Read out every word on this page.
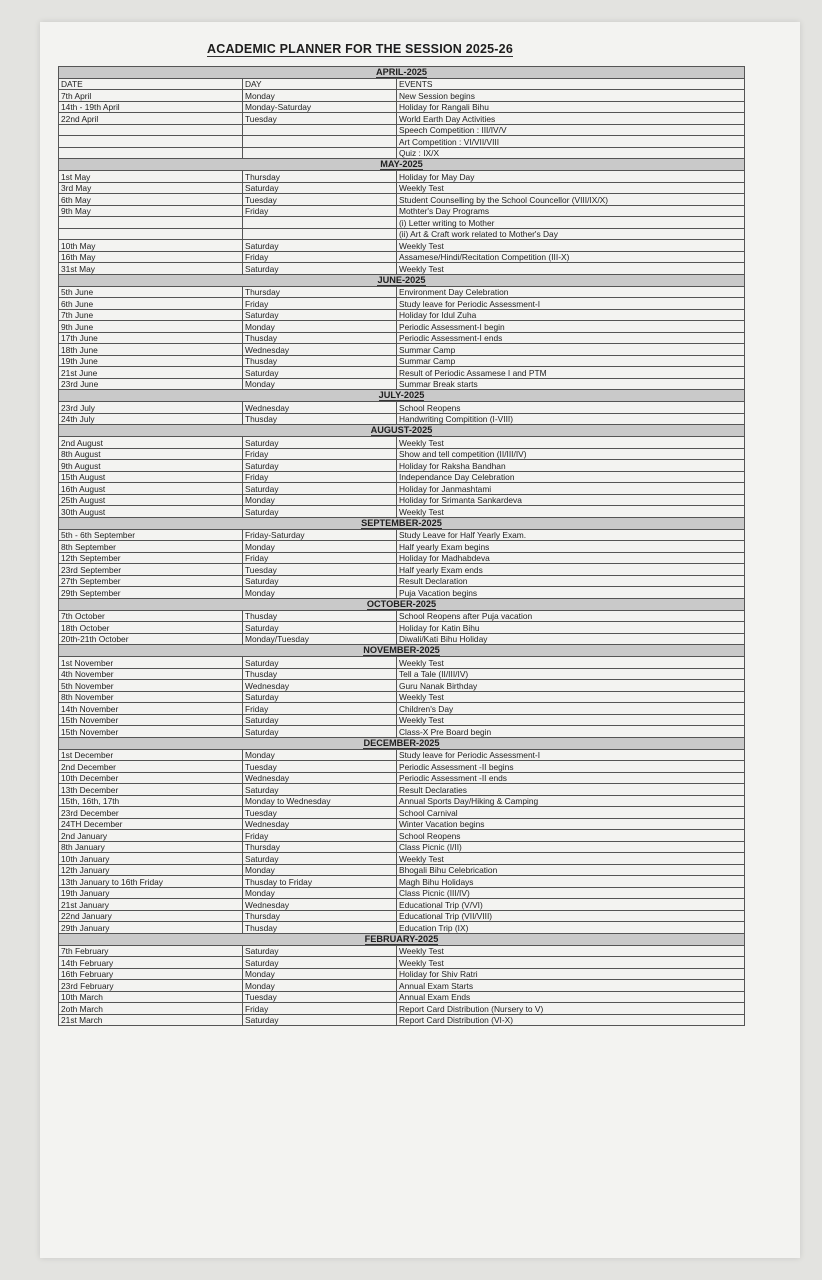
ACADEMIC PLANNER FOR THE SESSION 2025-26
APRIL-2025		
DATE	DAY	EVENTS
7th April	Monday	New Session begins
14th - 19th April	Monday-Saturday	Holiday for Rangali Bihu
22nd April	Tuesday	World Earth Day Activities
		Speech Competition : III/IV/V
		Art Competition : VI/VII/VIII
		Quiz : IX/X
MAY-2025		
1st May	Thursday	Holiday for May Day
3rd May	Saturday	Weekly Test
6th May	Tuesday	Student Counselling by the School Councellor (VIII/IX/X)
9th May	Friday	Mothter's Day Programs
		(i) Letter writing to Mother
		(ii) Art & Craft work related to Mother's Day
10th May	Saturday	Weekly Test
16th May	Friday	Assamese/Hindi/Recitation Competition (III-X)
31st May	Saturday	Weekly Test
JUNE-2025		
5th June	Thursday	Environment Day Celebration
6th June	Friday	Study leave for Periodic Assessment-I
7th June	Saturday	Holiday for Idul Zuha
9th June	Monday	Periodic Assessment-I begin
17th June	Thusday	Periodic Assessment-I ends
18th June	Wednesday	Summar Camp
19th June	Thusday	Summar Camp
21st June	Saturday	Result of Periodic Assamese I and PTM
23rd June	Monday	Summar Break starts
JULY-2025		
23rd July	Wednesday	School Reopens
24th July	Thusday	Handwriting Compitition (I-VIII)
AUGUST-2025		
2nd August	Saturday	Weekly Test
8th August	Friday	Show and tell competition (II/III/IV)
9th August	Saturday	Holiday for Raksha Bandhan
15th August	Friday	Independance Day Celebration
16th August	Saturday	Holiday for Janmashtami
25th August	Monday	Holiday for Srimanta Sankardeva
30th August	Saturday	Weekly Test
SEPTEMBER-2025		
5th - 6th September	Friday-Saturday	Study Leave for Half Yearly Exam.
8th September	Monday	Half yearly Exam begins
12th September	Friday	Holiday for Madhabdeva
23rd September	Tuesday	Half yearly Exam ends
27th September	Saturday	Result Declaration
29th September	Monday	Puja Vacation begins
OCTOBER-2025		
7th October	Thusday	School Reopens after Puja vacation
18th October	Saturday	Holiday for Katin Bihu
20th-21th October	Monday/Tuesday	Diwali/Kati Bihu Holiday
NOVEMBER-2025		
1st November	Saturday	Weekly Test
4th November	Thusday	Tell a Tale (II/III/IV)
5th November	Wednesday	Guru Nanak Birthday
8th November	Saturday	Weekly Test
14th November	Friday	Children's Day
15th November	Saturday	Weekly Test
15th November	Saturday	Class-X Pre Board begin
DECEMBER-2025		
1st December	Monday	Study leave for Periodic Assessment-I
2nd December	Tuesday	Periodic Assessment -II begins
10th December	Wednesday	Periodic Assessment -II ends
13th December	Saturday	Result Declaraties
15th, 16th, 17th	Monday to Wednesday	Annual Sports Day/Hiking & Camping
23rd December	Tuesday	School Carnival
24TH December	Wednesday	Winter Vacation begins
2nd January	Friday	School Reopens
8th January	Thursday	Class Picnic (I/II)
10th January	Saturday	Weekly Test
12th January	Monday	Bhogali Bihu Celebrication
13th January to 16th Friday	Thusday to Friday	Magh Bihu Holidays
19th January	Monday	Class Picnic (III/IV)
21st January	Wednesday	Educational Trip (V/VI)
22nd January	Thursday	Educational Trip (VII/VIII)
29th January	Thusday	Education Trip (IX)
FEBRUARY-2025		
7th February	Saturday	Weekly Test
14th February	Saturday	Weekly Test
16th February	Monday	Holiday for Shiv Ratri
23rd February	Monday	Annual Exam Starts
10th March	Tuesday	Annual Exam Ends
2oth March	Friday	Report Card Distribution (Nursery to V)
21st March	Saturday	Report Card Distribution (VI-X)
